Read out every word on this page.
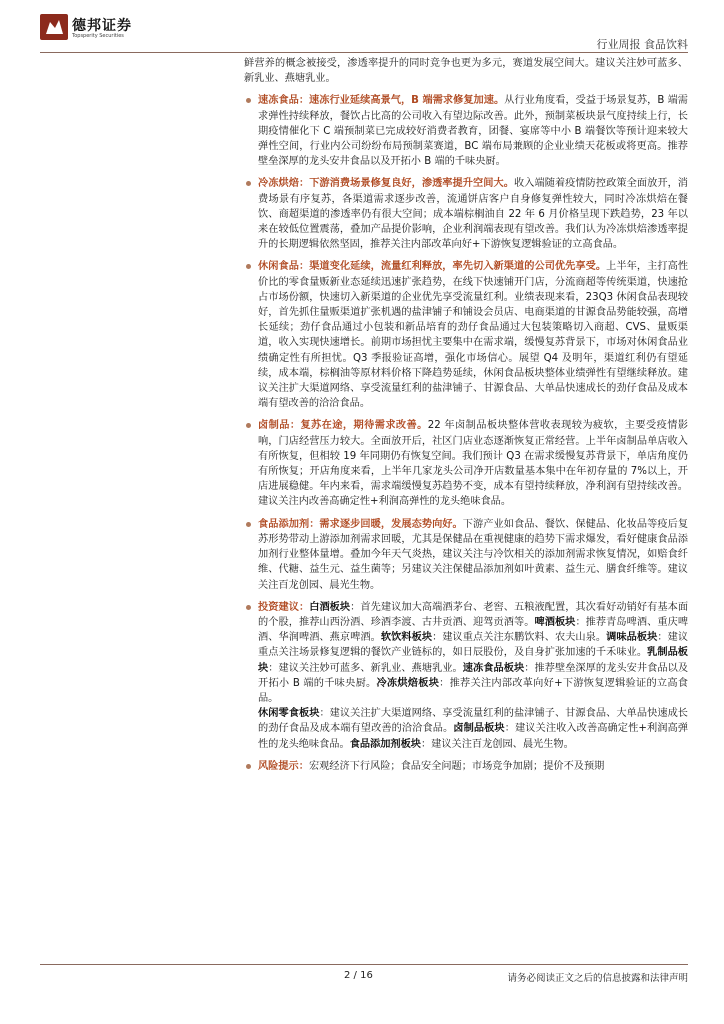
德邦证券
Topsperity Securities
行业周报 食品饮料

鲜营养的概念被接受，渗透率提升的同时竞争也更为多元，赛道发展空间大。建议关注妙可蓝多、新乳业、燕塘乳业。

速冻食品：速冻行业延续高景气，B 端需求修复加速。从行业角度看，受益于场景复苏，B 端需求弹性持续释放，餐饮占比高的公司收入有望边际改善。此外，预制菜板块景气度持续上行，长期疫情催化下 C 端预制菜已完成较好消费者教育，团餐、宴席等中小 B 端餐饮等预计迎来较大弹性空间，行业内公司纷纷布局预制菜赛道，BC 端布局兼顾的企业业绩天花板或将更高。推荐壁垒深厚的龙头安井食品以及开拓小 B 端的千味央厨。

冷冻烘焙：下游消费场景修复良好，渗透率提升空间大。收入端随着疫情防控政策全面放开，消费场景有序复苏，各渠道需求逐步改善，流通饼店客户自身修复弹性较大，同时冷冻烘焙在餐饮、商超渠道的渗透率仍有很大空间；成本端棕榈油自 22 年 6 月价格呈现下跌趋势，23 年以来在较低位置震荡，叠加产品提价影响，企业利润端表现有望改善。我们认为冷冻烘焙渗透率提升的长期逻辑依然坚固，推荐关注内部改革向好+下游恢复逻辑验证的立高食品。

休闲食品：渠道变化延续，流量红利释放，率先切入新渠道的公司优先享受。上半年，主打高性价比的零食量贩新业态延续迅速扩张趋势，在线下快速铺开门店，分流商超等传统渠道，快速抢占市场份额，快速切入新渠道的企业优先享受流量红利。业绩表现来看，23Q3 休闲食品表现较好，首先抓住量贩渠道扩张机遇的盐津铺子和铺设会员店、电商渠道的甘源食品势能较强，高增长延续；劲仔食品通过小包装和新品培育的劲仔食品通过大包装策略切入商超、CVS、量贩渠道，收入实现快速增长。前期市场担忧主要集中在需求端，缓慢复苏背景下，市场对休闲食品业绩确定性有所担忧。Q3 季报验证高增，强化市场信心。展望 Q4 及明年，渠道红利仍有望延续，成本端，棕榈油等原材料价格下降趋势延续，休闲食品板块整体业绩弹性有望继续释放。建议关注扩大渠道网络、享受流量红利的盐津铺子、甘源食品、大单品快速成长的劲仔食品及成本端有望改善的洽洽食品。

卤制品：复苏在途，期待需求改善。22 年卤制品板块整体营收表现较为疲软，主要受疫情影响，门店经营压力较大。全面放开后，社区门店业态逐渐恢复正常经营。上半年卤制品单店收入有所恢复，但相较 19 年同期仍有恢复空间。我们预计 Q3 在需求缓慢复苏背景下，单店角度仍有所恢复；开店角度来看，上半年几家龙头公司净开店数量基本集中在年初存量的 7%以上，开店进展稳健。年内来看，需求端缓慢复苏趋势不变，成本有望持续释放，净利润有望持续改善。建议关注内改善高确定性+利润高弹性的龙头绝味食品。

食品添加剂：需求逐步回暖，发展态势向好。下游产业如食品、餐饮、保健品、化妆品等疫后复苏形势带动上游添加剂需求回暖，尤其是保健品在重视健康的趋势下需求爆发，看好健康食品添加剂行业整体量增。叠加今年天气炎热，建议关注与冷饮相关的添加剂需求恢复情况，如赔食纤维、代糖、益生元、益生菌等；另建议关注保健品添加剂如叶黄素、益生元、膳食纤维等。建议关注百龙创园、晨光生物。

投资建议：白酒板块：首先建议加大高端酒茅台、老窖、五粮液配置，其次看好动销好有基本面的个股，推荐山西汾酒、珍酒李渡、古井贡酒、迎驾贡酒等。啤酒板块：推荐青岛啤酒、重庆啤酒、华润啤酒、燕京啤酒。软饮料板块：建议重点关注东鹏饮料、农夫山泉。调味品板块：建议重点关注场景修复逻辑的餐饮产业链标的，如日辰股份，及自身扩张加速的千禾味业。乳制品板块：建议关注妙可蓝多、新乳业、燕塘乳业。速冻食品板块：推荐壁垒深厚的龙头安井食品以及开拓小 B 端的千味央厨。冷冻烘焙板块：推荐关注内部改革向好+下游恢复逻辑验证的立高食品。
休闲零食板块：建议关注扩大渠道网络、享受流量红利的盐津铺子、甘源食品、大单品快速成长的劲仔食品及成本端有望改善的洽洽食品。卤制品板块：建议关注收入改善高确定性+利润高弹性的龙头绝味食品。食品添加剂板块：建议关注百龙创园、晨光生物。

风险提示：宏观经济下行风险；食品安全问题；市场竞争加剧；提价不及预期

2 / 16	请务必阅读正文之后的信息披露和法律声明
